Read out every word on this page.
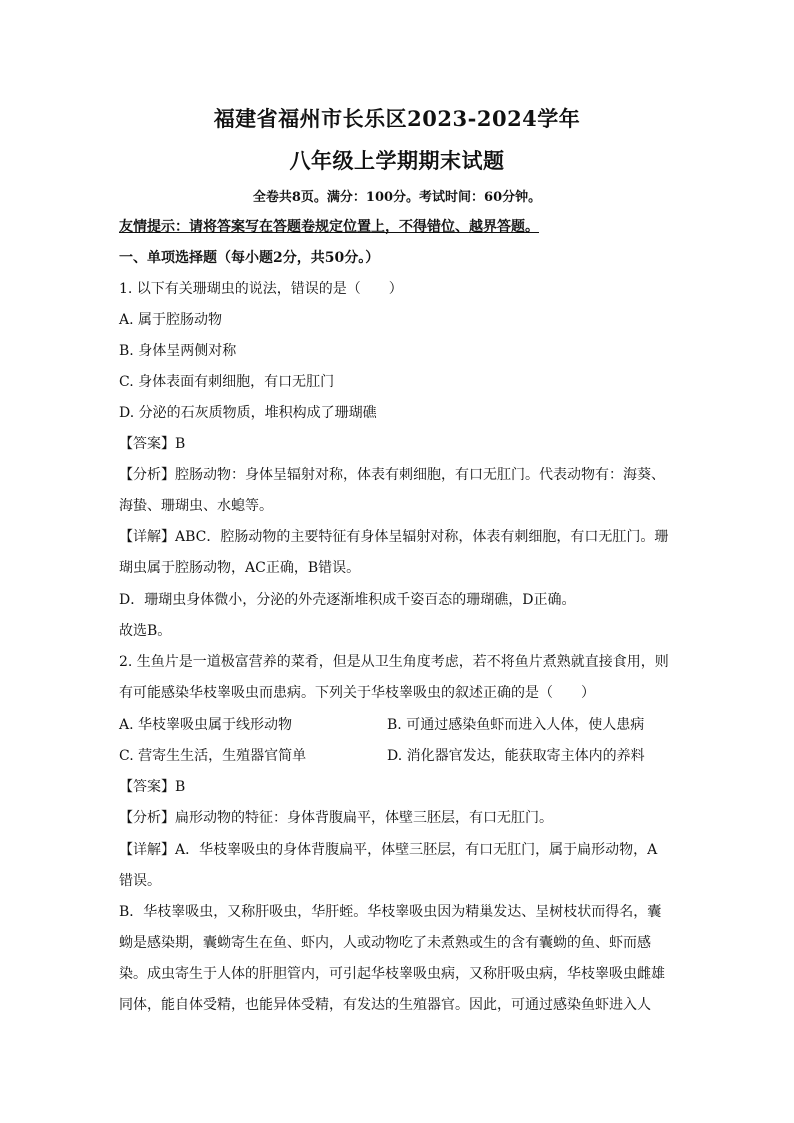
福建省福州市长乐区2023-2024学年
八年级上学期期末试题
全卷共8页。满分：100分。考试时间：60分钟。
友情提示：请将答案写在答题卷规定位置上，不得错位、越界答题。
一、单项选择题（每小题2分，共50分。）
1. 以下有关珊瑚虫的说法，错误的是（　　）
A. 属于腔肠动物
B. 身体呈两侧对称
C. 身体表面有刺细胞，有口无肛门
D. 分泌的石灰质物质，堆积构成了珊瑚礁
【答案】B
【分析】腔肠动物：身体呈辐射对称，体表有刺细胞，有口无肛门。代表动物有：海葵、
海蛰、珊瑚虫、水螅等。
【详解】ABC．腔肠动物的主要特征有身体呈辐射对称，体表有刺细胞，有口无肛门。珊
瑚虫属于腔肠动物，AC正确，B错误。
D．珊瑚虫身体微小，分泌的外壳逐渐堆积成千姿百态的珊瑚礁，D正确。
故选B。
2. 生鱼片是一道极富营养的菜肴，但是从卫生角度考虑，若不将鱼片煮熟就直接食用，则
有可能感染华枝睾吸虫而患病。下列关于华枝睾吸虫的叙述正确的是（　　）
A. 华枝睾吸虫属于线形动物	B. 可通过感染鱼虾而进入人体，使人患病
C. 营寄生生活，生殖器官简单	D. 消化器官发达，能获取寄主体内的养料
【答案】B
【分析】扁形动物的特征：身体背腹扁平，体壁三胚层，有口无肛门。
【详解】A．华枝睾吸虫的身体背腹扁平，体壁三胚层，有口无肛门，属于扁形动物，A
错误。
B．华枝睾吸虫，又称肝吸虫，华肝蛭。华枝睾吸虫因为精巢发达、呈树枝状而得名，囊
蚴是感染期，囊蚴寄生在鱼、虾内，人或动物吃了未煮熟或生的含有囊蚴的鱼、虾而感
染。成虫寄生于人体的肝胆管内，可引起华枝睾吸虫病，又称肝吸虫病，华枝睾吸虫雌雄
同体，能自体受精，也能异体受精，有发达的生殖器官。因此，可通过感染鱼虾进入人
